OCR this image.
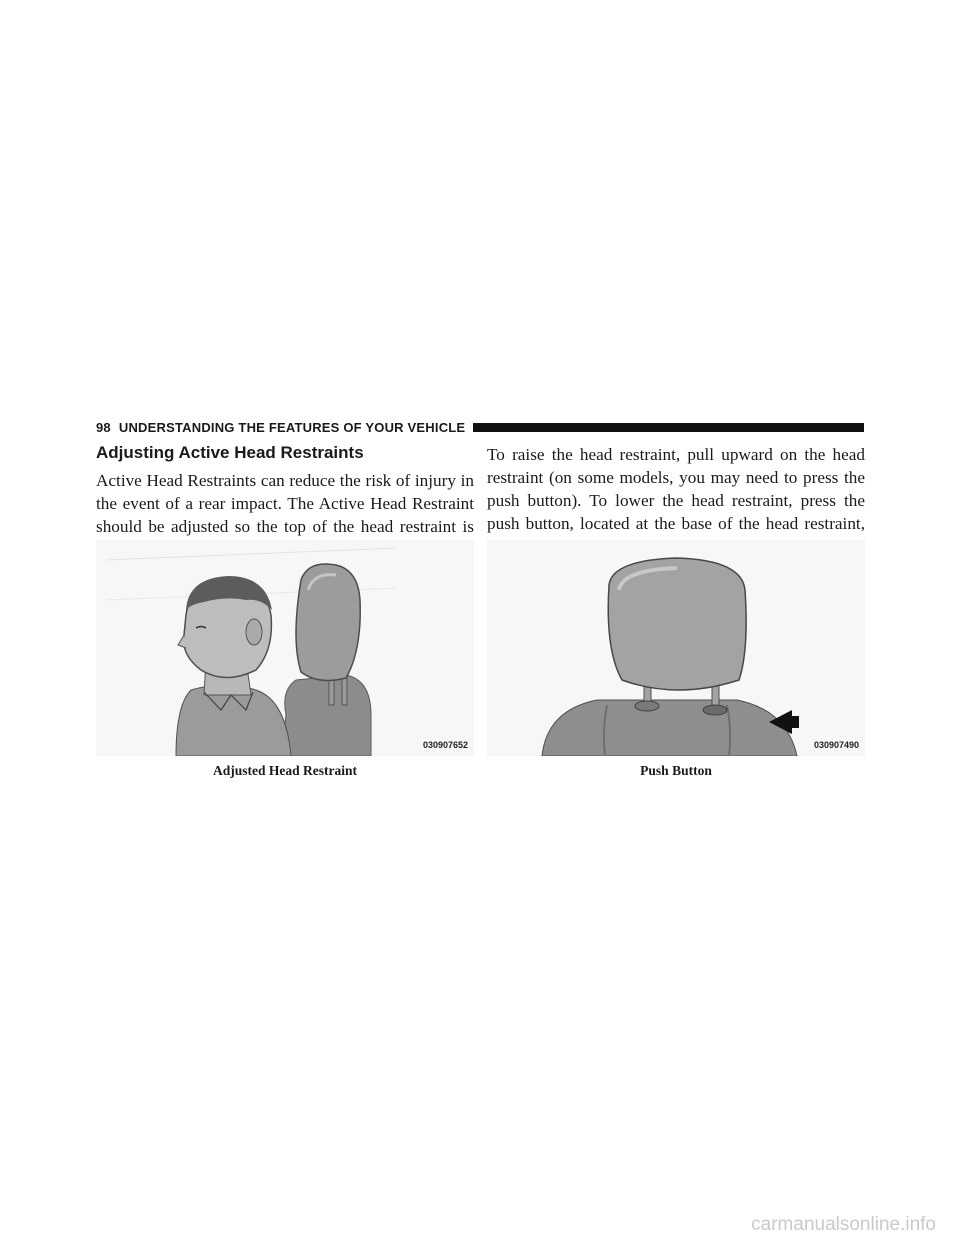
98 UNDERSTANDING THE FEATURES OF YOUR VEHICLE
Adjusting Active Head Restraints

Active Head Restraints can reduce the risk of injury in the event of a rear impact. The Active Head Restraint should be adjusted so the top of the head restraint is

To raise the head restraint, pull upward on the head restraint (on some models, you may need to press the push button). To lower the head restraint, press the push button, located at the base of the head restraint,

030907652	030907490
Adjusted Head Restraint	Push Button
carmanualsonline.info
